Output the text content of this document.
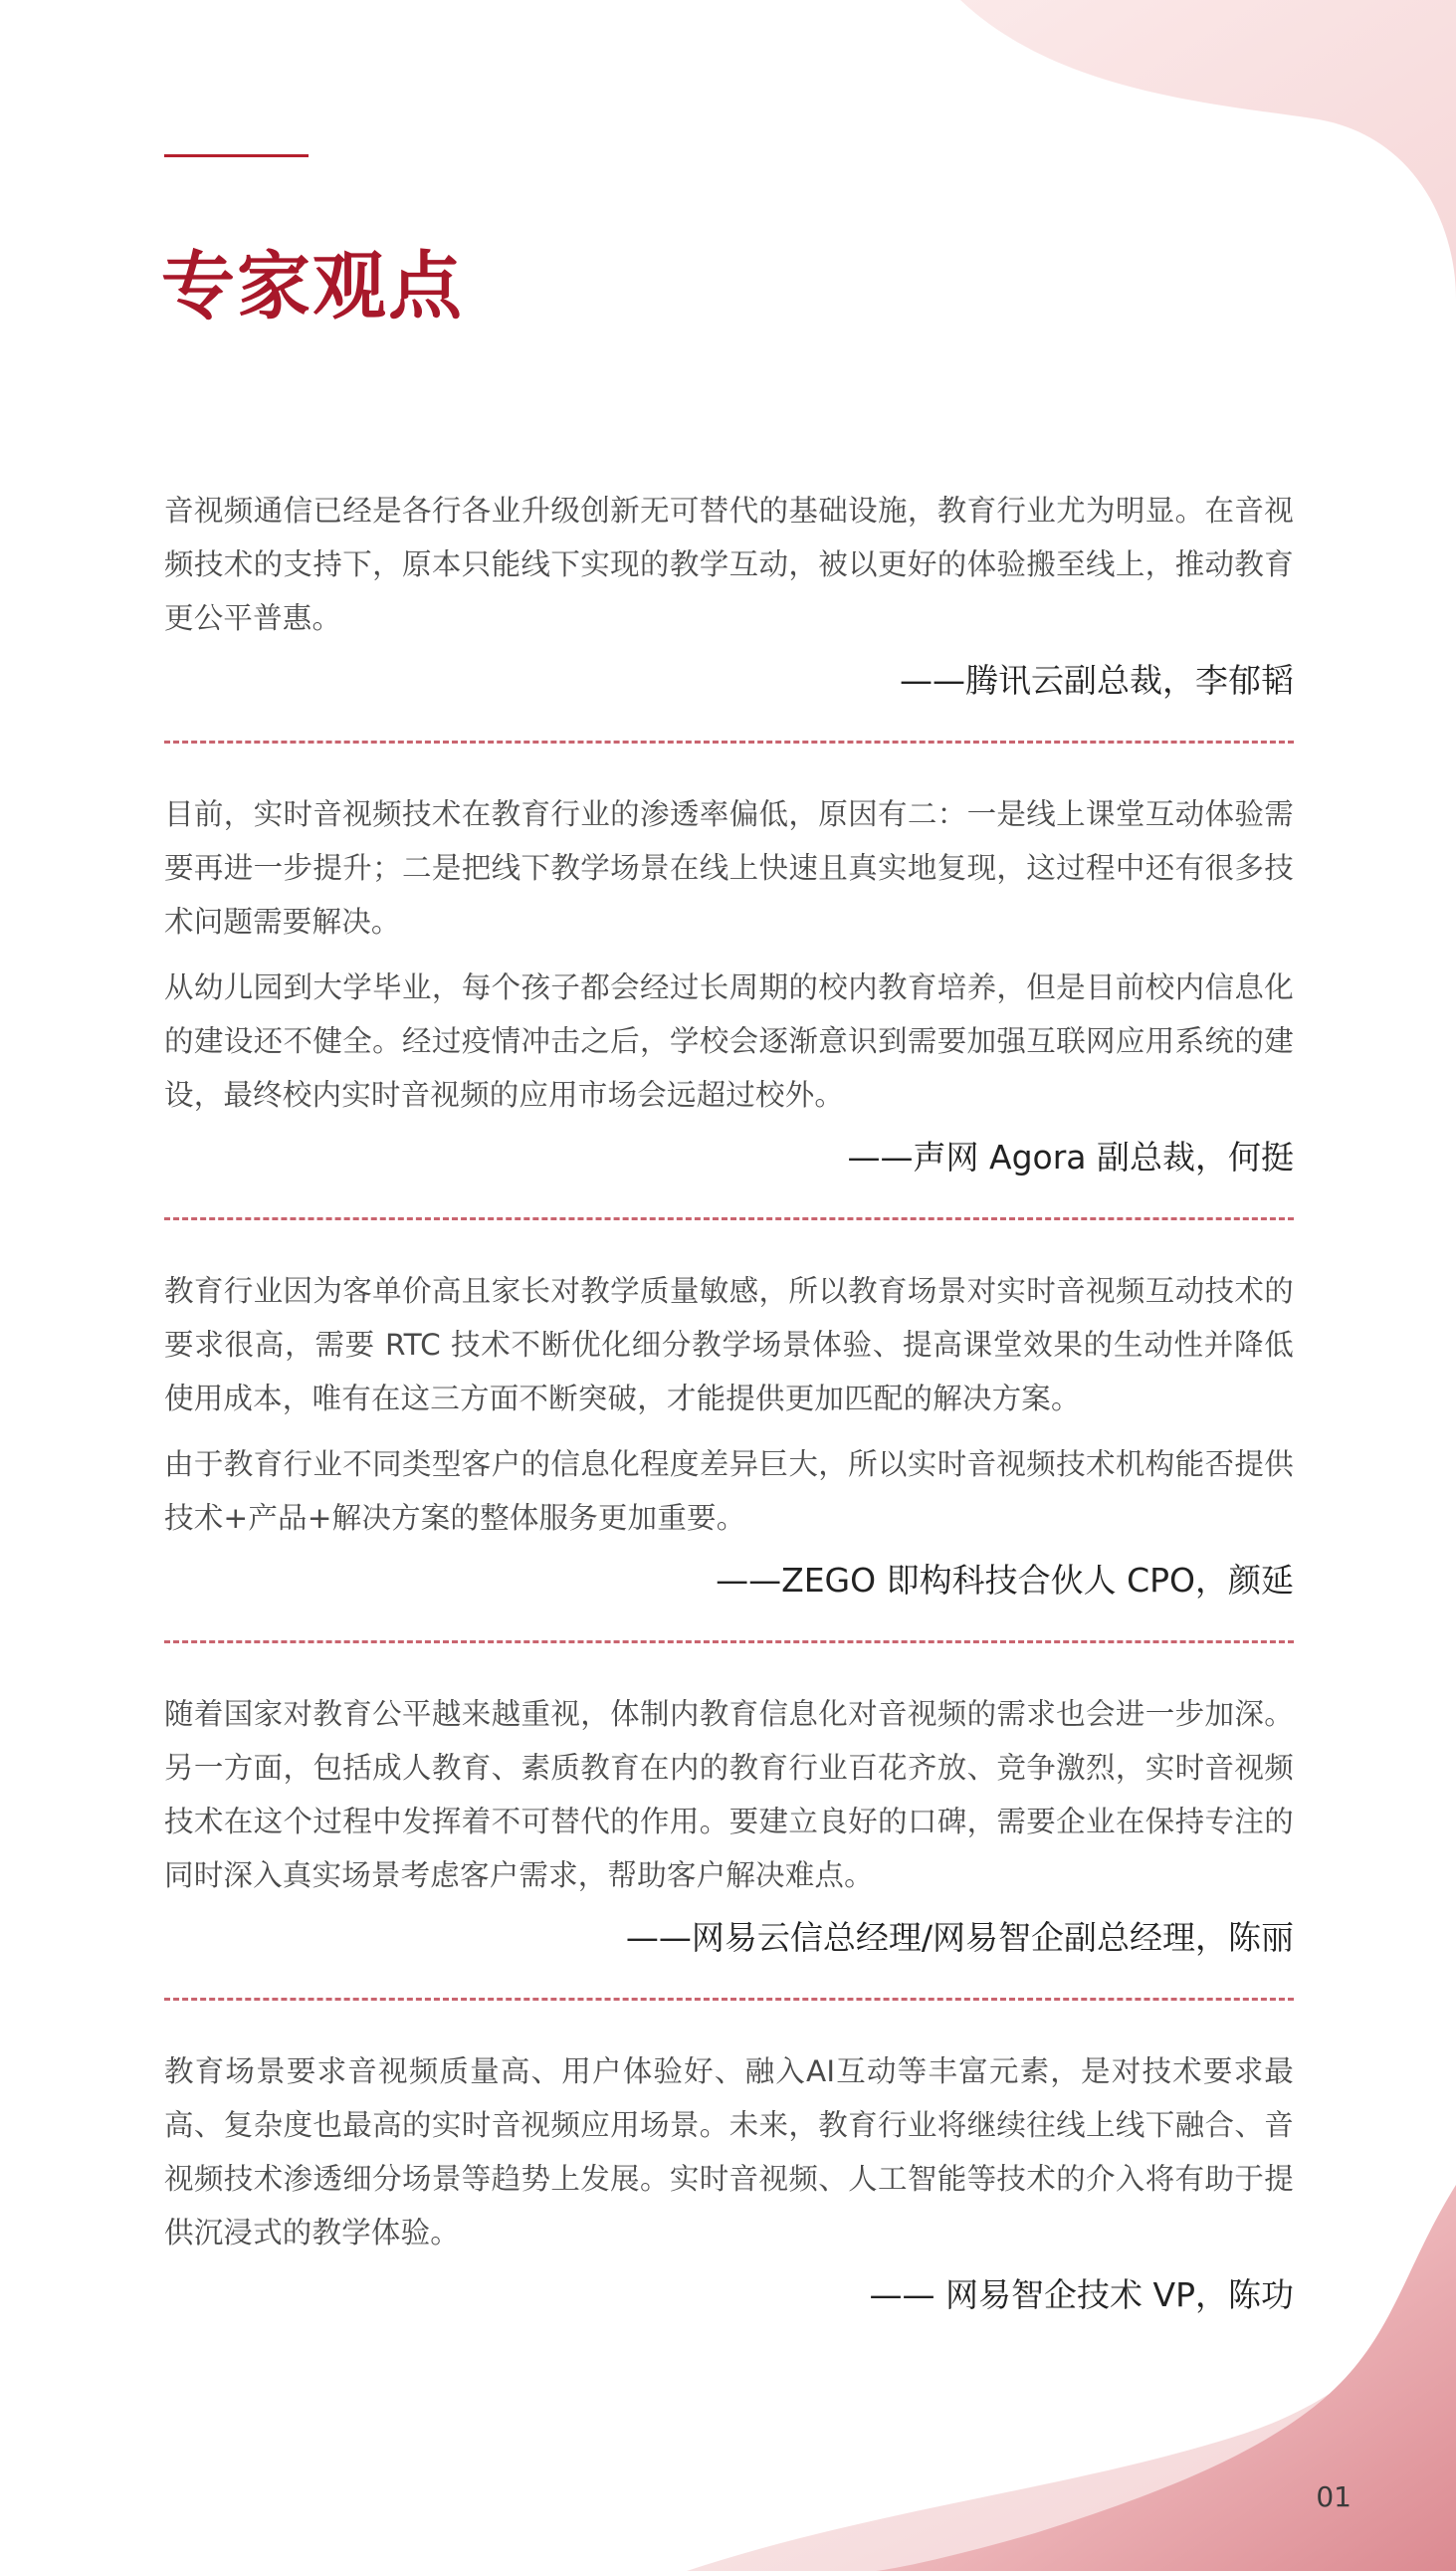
专家观点

音视频通信已经是各行各业升级创新无可替代的基础设施，教育行业尤为明显。在音视频技术的支持下，原本只能线下实现的教学互动，被以更好的体验搬至线上，推动教育更公平普惠。

——腾讯云副总裁，李郁韬

目前，实时音视频技术在教育行业的渗透率偏低，原因有二：一是线上课堂互动体验需要再进一步提升；二是把线下教学场景在线上快速且真实地复现，这过程中还有很多技术问题需要解决。

从幼儿园到大学毕业，每个孩子都会经过长周期的校内教育培养，但是目前校内信息化的建设还不健全。经过疫情冲击之后，学校会逐渐意识到需要加强互联网应用系统的建设，最终校内实时音视频的应用市场会远超过校外。

——声网 Agora 副总裁，何挺

教育行业因为客单价高且家长对教学质量敏感，所以教育场景对实时音视频互动技术的要求很高，需要 RTC 技术不断优化细分教学场景体验、提高课堂效果的生动性并降低使用成本，唯有在这三方面不断突破，才能提供更加匹配的解决方案。

由于教育行业不同类型客户的信息化程度差异巨大，所以实时音视频技术机构能否提供技术+产品+解决方案的整体服务更加重要。

——ZEGO 即构科技合伙人 CPO，颜延

随着国家对教育公平越来越重视，体制内教育信息化对音视频的需求也会进一步加深。另一方面，包括成人教育、素质教育在内的教育行业百花齐放、竞争激烈，实时音视频技术在这个过程中发挥着不可替代的作用。要建立良好的口碑，需要企业在保持专注的同时深入真实场景考虑客户需求，帮助客户解决难点。

——网易云信总经理/网易智企副总经理，陈丽

教育场景要求音视频质量高、用户体验好、融入AI互动等丰富元素，是对技术要求最高、复杂度也最高的实时音视频应用场景。未来，教育行业将继续往线上线下融合、音视频技术渗透细分场景等趋势上发展。实时音视频、人工智能等技术的介入将有助于提供沉浸式的教学体验。

—— 网易智企技术 VP，陈功

01
